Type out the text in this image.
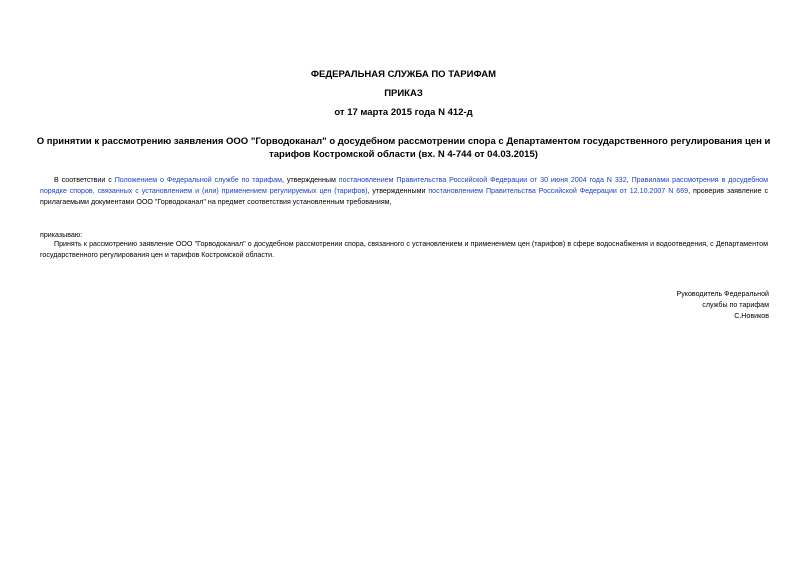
ФЕДЕРАЛЬНАЯ СЛУЖБА ПО ТАРИФАМ
ПРИКАЗ
от 17 марта 2015 года N 412-д
О принятии к рассмотрению заявления ООО "Горводоканал" о досудебном рассмотрении спора с Департаментом государственного регулирования цен и тарифов Костромской области (вх. N 4-744 от 04.03.2015)
В соответствии с Положением о Федеральной службе по тарифам, утвержденным постановлением Правительства Российской Федерации от 30 июня 2004 года N 332, Правилами рассмотрения в досудебном порядке споров, связанных с установлением и (или) применением регулируемых цен (тарифов), утвержденными постановлением Правительства Российской Федерации от 12.10.2007 N 669, проверив заявление с прилагаемыми документами ООО "Горводоканал" на предмет соответствия установленным требованиям,
приказываю:
Принять к рассмотрению заявление ООО "Горводоканал" о досудебном рассмотрении спора, связанного с установлением и применением цен (тарифов) в сфере водоснабжения и водоотведения, с Департаментом государственного регулирования цен и тарифов Костромской области.
Руководитель Федеральной
службы по тарифам
С.Новиков
